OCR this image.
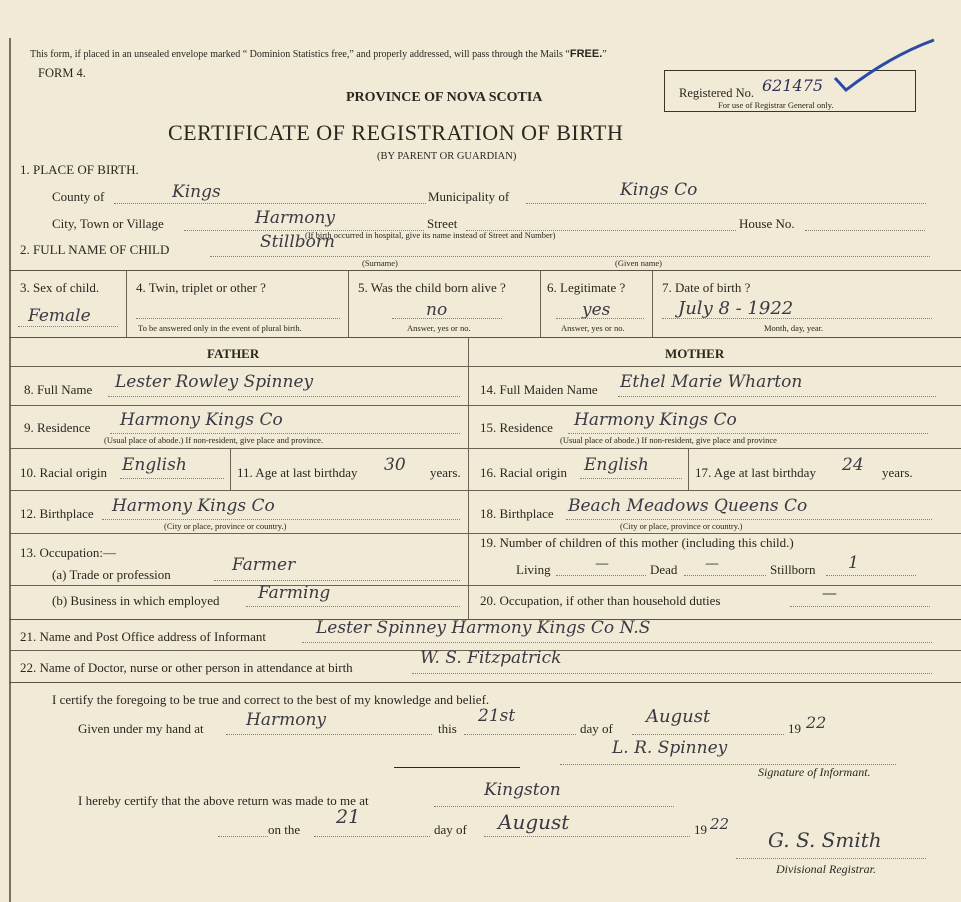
This form, if placed in an unsealed envelope marked “ Dominion Statistics free,” and properly addressed, will pass through the Mails “FREE.”
FORM 4.
PROVINCE OF NOVA SCOTIA
CERTIFICATE OF REGISTRATION OF BIRTH
(BY PARENT OR GUARDIAN)
Registered No. 621475
For use of Registrar General only.
1. PLACE OF BIRTH.
County of	Kings	Municipality of	Kings Co
City, Town or Village	Harmony	Street	House No.
(If birth occurred in hospital, give its name instead of Street and Number)
2. FULL NAME OF CHILD	Stillborn
(Surname)	(Given name)
3. Sex of child.
Female
4. Twin, triplet or other ?
To be answered only in the event of plural birth.
5. Was the child born alive ?
no
Answer, yes or no.
6. Legitimate ?
yes
Answer, yes or no.
7. Date of birth ?
July 8 - 1922
Month, day, year.
FATHER	MOTHER
8. Full Name Lester Rowley Spinney
9. Residence Harmony Kings Co
(Usual place of abode.) If non-resident, give place and province.
10. Racial origin English	11. Age at last birthday 30 years.
12. Birthplace Harmony Kings Co
(City or place, province or country.)
13. Occupation:—
(a) Trade or profession	Farmer
(b) Business in which employed Farming
14. Full Maiden Name Ethel Marie Wharton
15. Residence Harmony Kings Co
(Usual place of abode.) If non-resident, give place and province
16. Racial origin English	17. Age at last birthday 24 years.
18. Birthplace Beach Meadows Queens Co
(City or place, province or country.)
19. Number of children of this mother (including this child.)
Living	—	Dead —	Stillborn 1
20. Occupation, if other than household duties	—
21. Name and Post Office address of Informant	Lester Spinney Harmony Kings Co N.S
22. Name of Doctor, nurse or other person in attendance at birth	W. S. Fitzpatrick
I certify the foregoing to be true and correct to the best of my knowledge and belief.
Given under my hand at Harmony	this
21st
day of
August
19 22
L. R. Spinney
Signature of Informant.
I hereby certify that the above return was made to me at
Kingston
on the
21
day of August	19 22
G. S. Smith
Divisional Registrar.
